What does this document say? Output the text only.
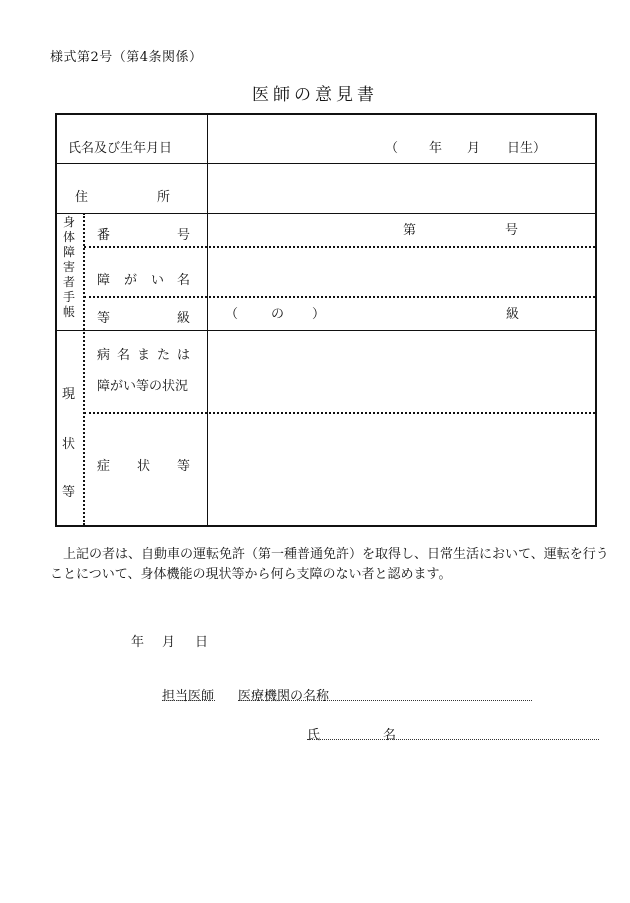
様式第2号（第4条関係）
医師の意見書
氏名及び生年月日	（ 年 月 日生）
住	所
身体障害者手帳
番	号	第	号
障 が い 名
等	級	（	の ）	級
現
状
等
病 名 ま た は
障がい等の状況
症 状 等
上記の者は、自動車の運転免許（第一種普通免許）を取得し、日常生活において、運転を行うことについて、身体機能の現状等から何ら支障のない者と認めます。
年 月 日
担当医師 医療機関の名称
氏	名
